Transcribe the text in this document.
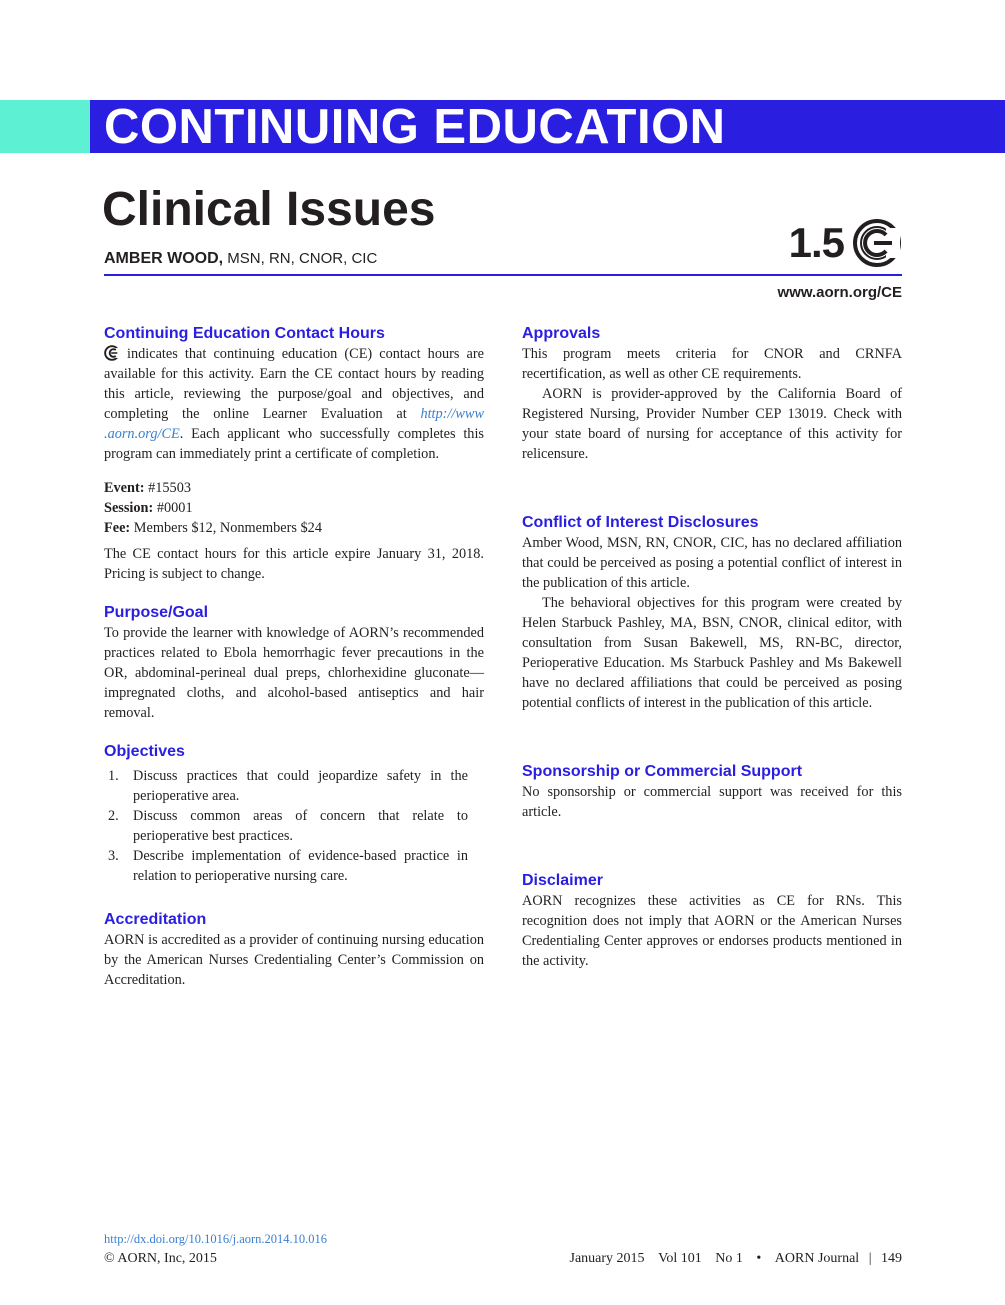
CONTINUING EDUCATION
Clinical Issues
AMBER WOOD, MSN, RN, CNOR, CIC	1.5
www.aorn.org/CE
Continuing Education Contact Hours

indicates that continuing education (CE) contact hours are available for this activity. Earn the CE contact hours by reading this article, reviewing the purpose/goal and objectives, and completing the online Learner Evaluation at http://www .aorn.org/CE. Each applicant who successfully completes this program can immediately print a certificate of completion.

Event: #15503
Session: #0001
Fee: Members $12, Nonmembers $24

The CE contact hours for this article expire January 31, 2018. Pricing is subject to change.

Purpose/Goal

To provide the learner with knowledge of AORN’s recommended practices related to Ebola hemorrhagic fever precautions in the OR, abdominal-perineal dual preps, chlorhexidine gluconate—impregnated cloths, and alcohol-based antiseptics and hair removal.

Objectives
1. Discuss practices that could jeopardize safety in the perioperative area.
2. Discuss common areas of concern that relate to perioperative best practices.
3. Describe implementation of evidence-based practice in relation to perioperative nursing care.
Accreditation

AORN is accredited as a provider of continuing nursing education by the American Nurses Credentialing Center’s Commission on Accreditation.

Approvals

This program meets criteria for CNOR and CRNFA recertification, as well as other CE requirements.

AORN is provider-approved by the California Board of Registered Nursing, Provider Number CEP 13019. Check with your state board of nursing for acceptance of this activity for relicensure.

Conflict of Interest Disclosures

Amber Wood, MSN, RN, CNOR, CIC, has no declared affiliation that could be perceived as posing a potential conflict of interest in the publication of this article.

The behavioral objectives for this program were created by Helen Starbuck Pashley, MA, BSN, CNOR, clinical editor, with consultation from Susan Bakewell, MS, RN-BC, director, Perioperative Education. Ms Starbuck Pashley and Ms Bakewell have no declared affiliations that could be perceived as posing potential conflicts of interest in the publication of this article.

Sponsorship or Commercial Support

No sponsorship or commercial support was received for this article.

Disclaimer

AORN recognizes these activities as CE for RNs. This recognition does not imply that AORN or the American Nurses Credentialing Center approves or endorses products mentioned in the activity.

http://dx.doi.org/10.1016/j.aorn.2014.10.016
© AORN, Inc, 2015	January 2015 Vol 101 No 1 • AORN Journal | 149
